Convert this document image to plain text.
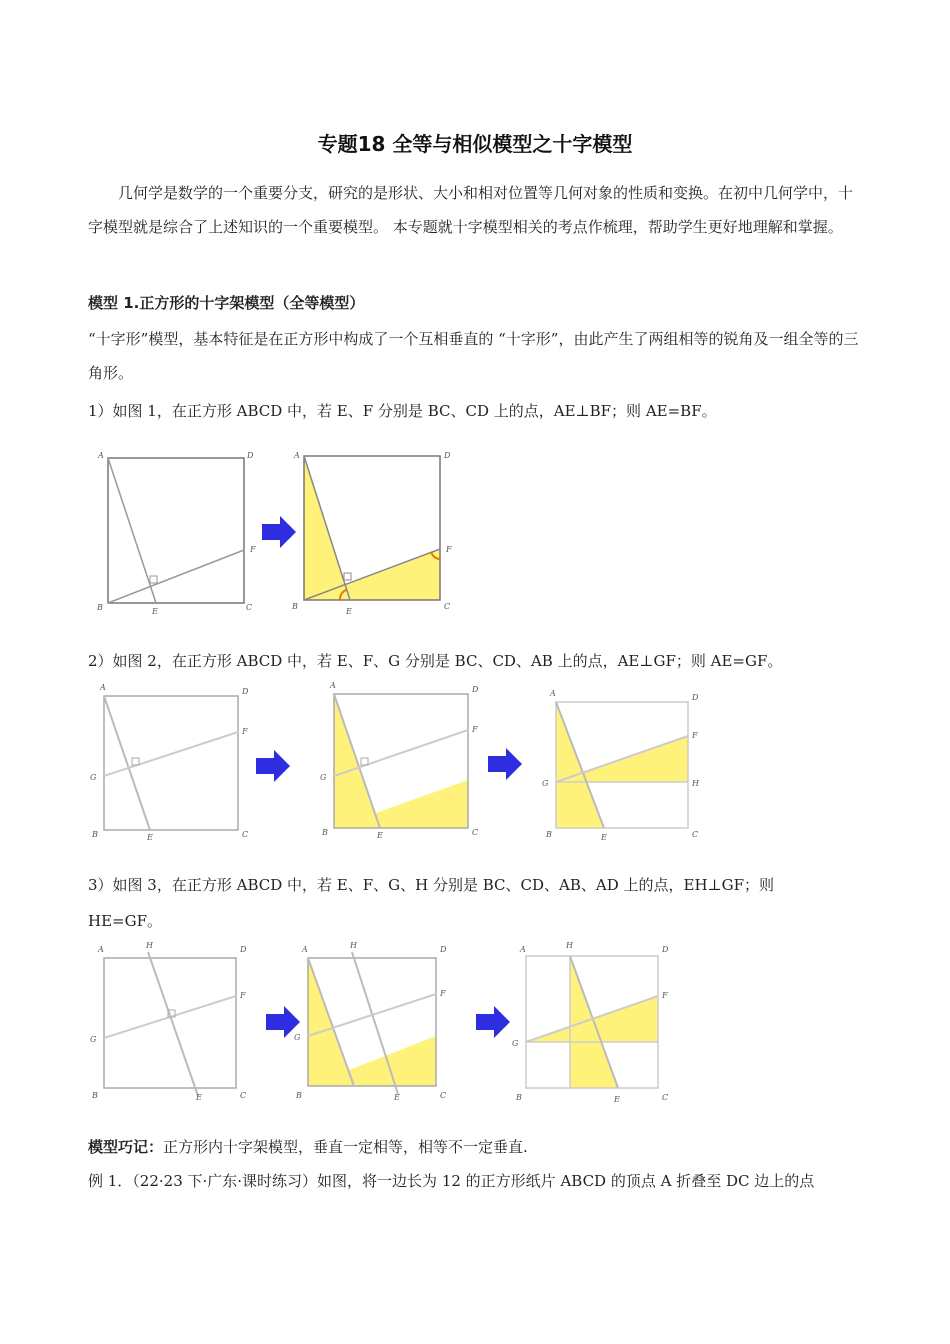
专题18 全等与相似模型之十字模型
几何学是数学的一个重要分支，研究的是形状、大小和相对位置等几何对象的性质和变换。在初中几何学中，十字模型就是综合了上述知识的一个重要模型。 本专题就十字模型相关的考点作梳理，帮助学生更好地理解和掌握。
模型 1.正方形的十字架模型（全等模型）
“十字形”模型，基本特征是在正方形中构成了一个互相垂直的 “十字形”，由此产生了两组相等的锐角及一组全等的三角形。
1）如图 1，在正方形 ABCD 中，若 E、F 分别是 BC、CD 上的点，AE⊥BF；则 AE=BF。
A	D
F
B	E	C
A	D
F
B
E
C
2）如图 2，在正方形 ABCD 中，若 E、F、G 分别是 BC、CD、AB 上的点，AE⊥GF；则 AE=GF。
A	D
F
G
B	E	C
A	D
F
G
B	E	C
A	D
F
G	H
B	E	C
3）如图 3，在正方形 ABCD 中，若 E、F、G、H 分别是 BC、CD、AB、AD 上的点，EH⊥GF；则
HE=GF。
A	H	D
F
G
B	E	C
A	H	D
F
G
B	E	C
A	H	D
F
G
B	E	C
模型巧记：正方形内十字架模型，垂直一定相等，相等不一定垂直.
例 1．（22·23 下·广东·课时练习）如图，将一边长为 12 的正方形纸片 ABCD 的顶点 A 折叠至 DC 边上的点
